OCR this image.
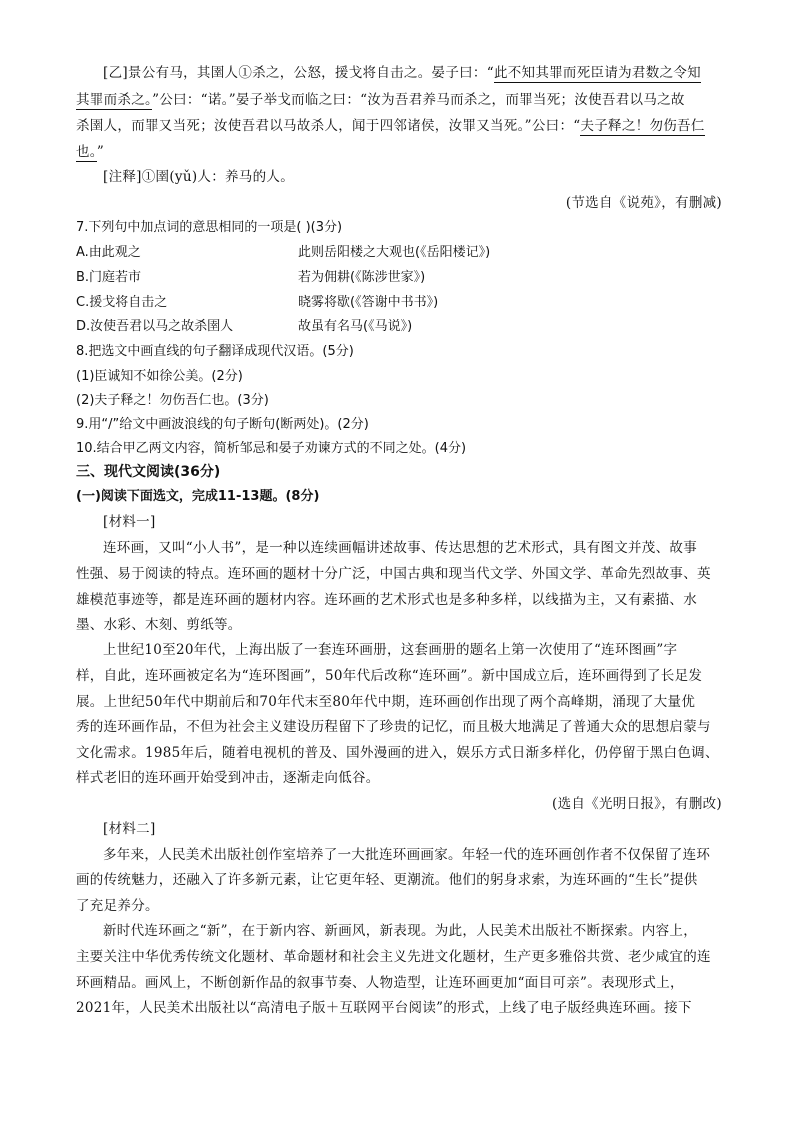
[乙]景公有马，其圉人①杀之，公怒，援戈将自击之。晏子曰：“此不知其罪而死臣请为君数之令知

其罪而杀之。”公曰：“诺。”晏子举戈而临之曰：“汝为吾君养马而杀之，而罪当死；汝使吾君以马之故

杀圉人，而罪又当死；汝使吾君以马故杀人，闻于四邻诸侯，汝罪又当死。”公曰：“夫子释之！勿伤吾仁

也。”

[注释]①圉(yǔ)人：养马的人。

(节选自《说苑》，有删减)

7.下列句中加点词的意思相同的一项是( )(3分)

A.由此观之	此则岳阳楼之大观也(《岳阳楼记》)
B.门庭若市	若为佣耕(《陈涉世家》)
C.援戈将自击之	晓雾将歇(《答谢中书书》)
D.汝使吾君以马之故杀圉人	故虽有名马(《马说》)

8.把选文中画直线的句子翻译成现代汉语。(5分)

(1)臣诚知不如徐公美。(2分)

(2)夫子释之！勿伤吾仁也。(3分)

9.用“/”给文中画波浪线的句子断句(断两处)。(2分)

10.结合甲乙两文内容，简析邹忌和晏子劝谏方式的不同之处。(4分)

三、现代文阅读(36分)

(一)阅读下面选文，完成11-13题。(8分)

[材料一]

连环画，又叫“小人书”，是一种以连续画幅讲述故事、传达思想的艺术形式，具有图文并茂、故事

性强、易于阅读的特点。连环画的题材十分广泛，中国古典和现当代文学、外国文学、革命先烈故事、英

雄模范事迹等，都是连环画的题材内容。连环画的艺术形式也是多种多样，以线描为主，又有素描、水

墨、水彩、木刻、剪纸等。

上世纪10至20年代，上海出版了一套连环画册，这套画册的题名上第一次使用了“连环图画”字

样，自此，连环画被定名为“连环图画”，50年代后改称“连环画”。新中国成立后，连环画得到了长足发

展。上世纪50年代中期前后和70年代末至80年代中期，连环画创作出现了两个高峰期，涌现了大量优

秀的连环画作品，不但为社会主义建设历程留下了珍贵的记忆，而且极大地满足了普通大众的思想启蒙与

文化需求。1985年后，随着电视机的普及、国外漫画的进入，娱乐方式日渐多样化，仍停留于黑白色调、

样式老旧的连环画开始受到冲击，逐渐走向低谷。

(选自《光明日报》，有删改)

[材料二]

多年来，人民美术出版社创作室培养了一大批连环画画家。年轻一代的连环画创作者不仅保留了连环

画的传统魅力，还融入了许多新元素，让它更年轻、更潮流。他们的躬身求索，为连环画的“生长”提供

了充足养分。

新时代连环画之“新”，在于新内容、新画风，新表现。为此，人民美术出版社不断探索。内容上，

主要关注中华优秀传统文化题材、革命题材和社会主义先进文化题材，生产更多雅俗共赏、老少咸宜的连

环画精品。画风上，不断创新作品的叙事节奏、人物造型，让连环画更加“面目可亲”。表现形式上，

2021年，人民美术出版社以“高清电子版＋互联网平台阅读”的形式，上线了电子版经典连环画。接下
